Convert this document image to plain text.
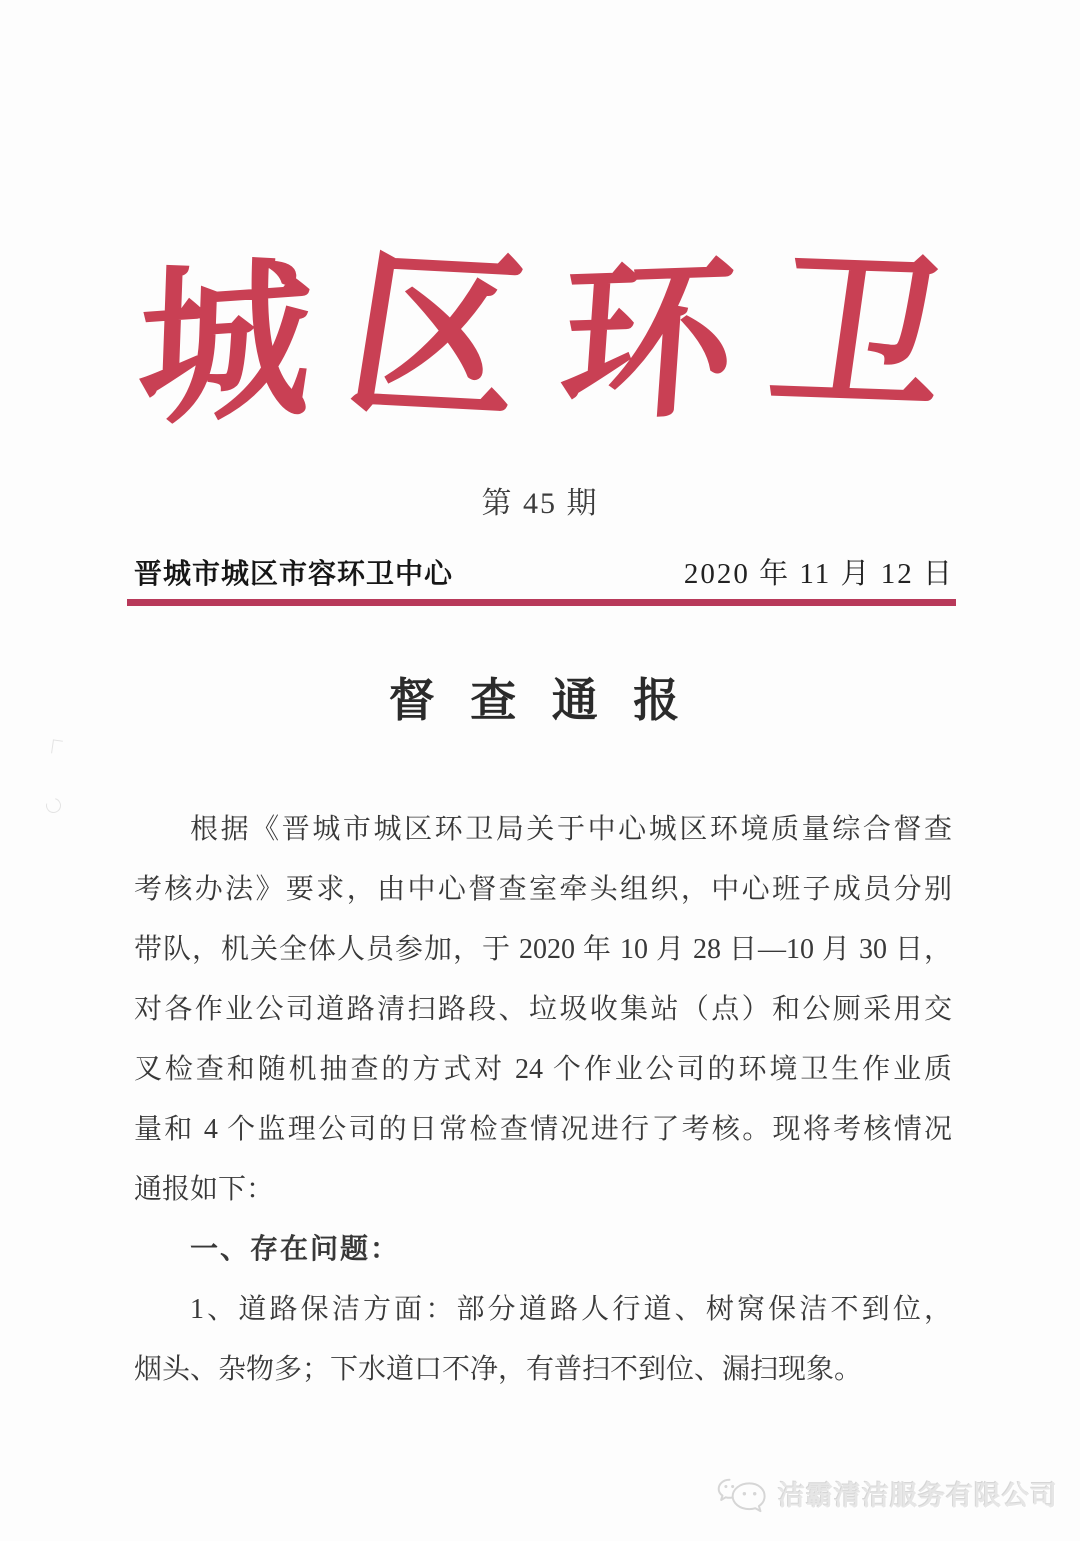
城 区 环 卫
第 45 期
晋城市城区市容环卫中心	2020 年 11 月 12 日
督 查 通 报
根据《晋城市城区环卫局关于中心城区环境质量综合督查
考核办法》要求，由中心督查室牵头组织，中心班子成员分别
带队，机关全体人员参加，于 2020 年 10 月 28 日—10 月 30 日，
对各作业公司道路清扫路段、垃圾收集站（点）和公厕采用交
叉检查和随机抽查的方式对 24 个作业公司的环境卫生作业质
量和 4 个监理公司的日常检查情况进行了考核。现将考核情况
通报如下：
一、存在问题：
1、道路保洁方面：部分道路人行道、树窝保洁不到位，
烟头、杂物多；下水道口不净，有普扫不到位、漏扫现象。
洁霸清洁服务有限公司
